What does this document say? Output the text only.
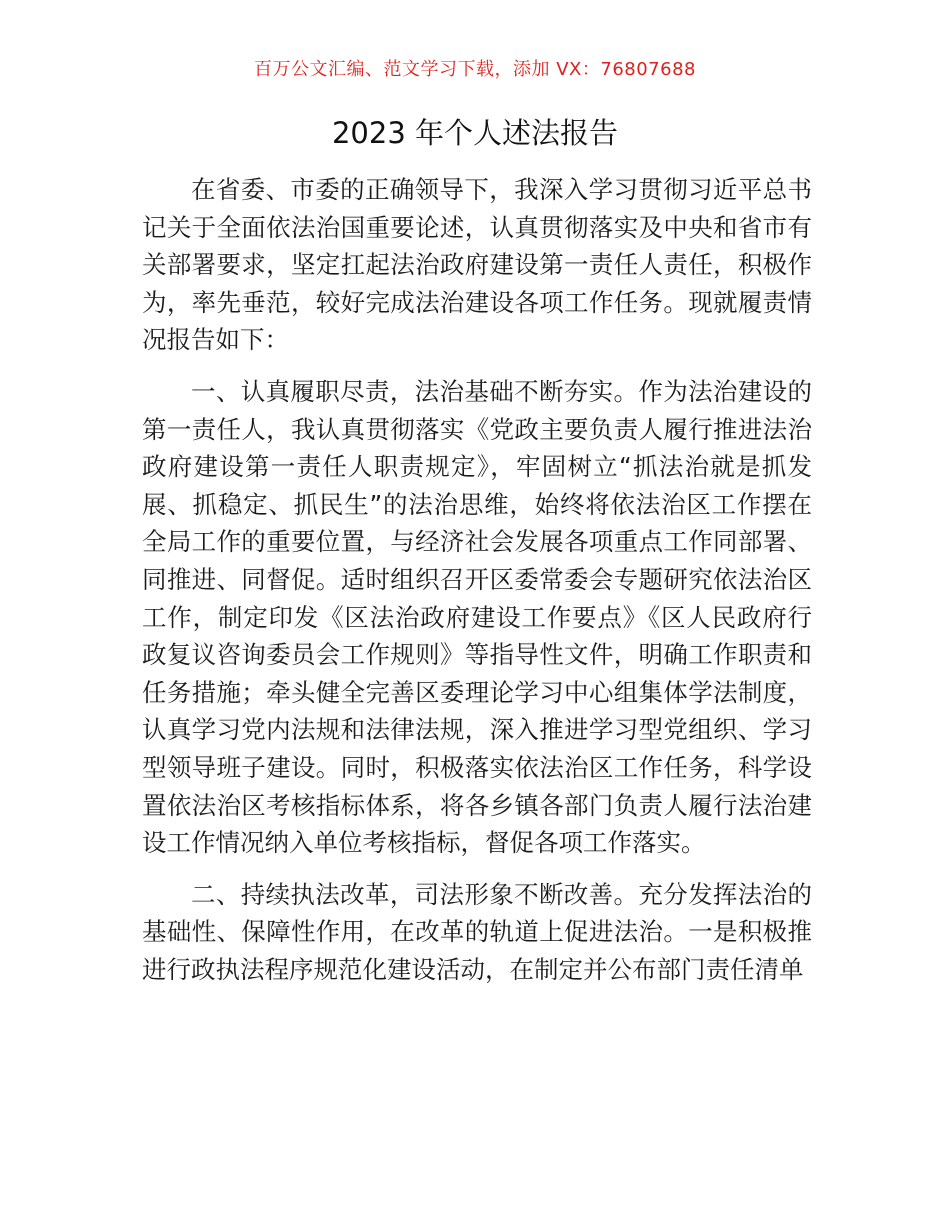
百万公文汇编、范文学习下载，添加 VX：76807688
2023 年个人述法报告

在省委、市委的正确领导下，我深入学习贯彻习近平总书记关于全面依法治国重要论述，认真贯彻落实及中央和省市有关部署要求，坚定扛起法治政府建设第一责任人责任，积极作为，率先垂范，较好完成法治建设各项工作任务。现就履责情况报告如下：

一、认真履职尽责，法治基础不断夯实。作为法治建设的第一责任人，我认真贯彻落实《党政主要负责人履行推进法治政府建设第一责任人职责规定》，牢固树立“抓法治就是抓发展、抓稳定、抓民生”的法治思维，始终将依法治区工作摆在全局工作的重要位置，与经济社会发展各项重点工作同部署、同推进、同督促。适时组织召开区委常委会专题研究依法治区工作，制定印发《区法治政府建设工作要点》《区人民政府行政复议咨询委员会工作规则》等指导性文件，明确工作职责和任务措施；牵头健全完善区委理论学习中心组集体学法制度，认真学习党内法规和法律法规，深入推进学习型党组织、学习型领导班子建设。同时，积极落实依法治区工作任务，科学设置依法治区考核指标体系，将各乡镇各部门负责人履行法治建设工作情况纳入单位考核指标，督促各项工作落实。

二、持续执法改革，司法形象不断改善。充分发挥法治的基础性、保障性作用，在改革的轨道上促进法治。一是积极推进行政执法程序规范化建设活动，在制定并公布部门责任清单
